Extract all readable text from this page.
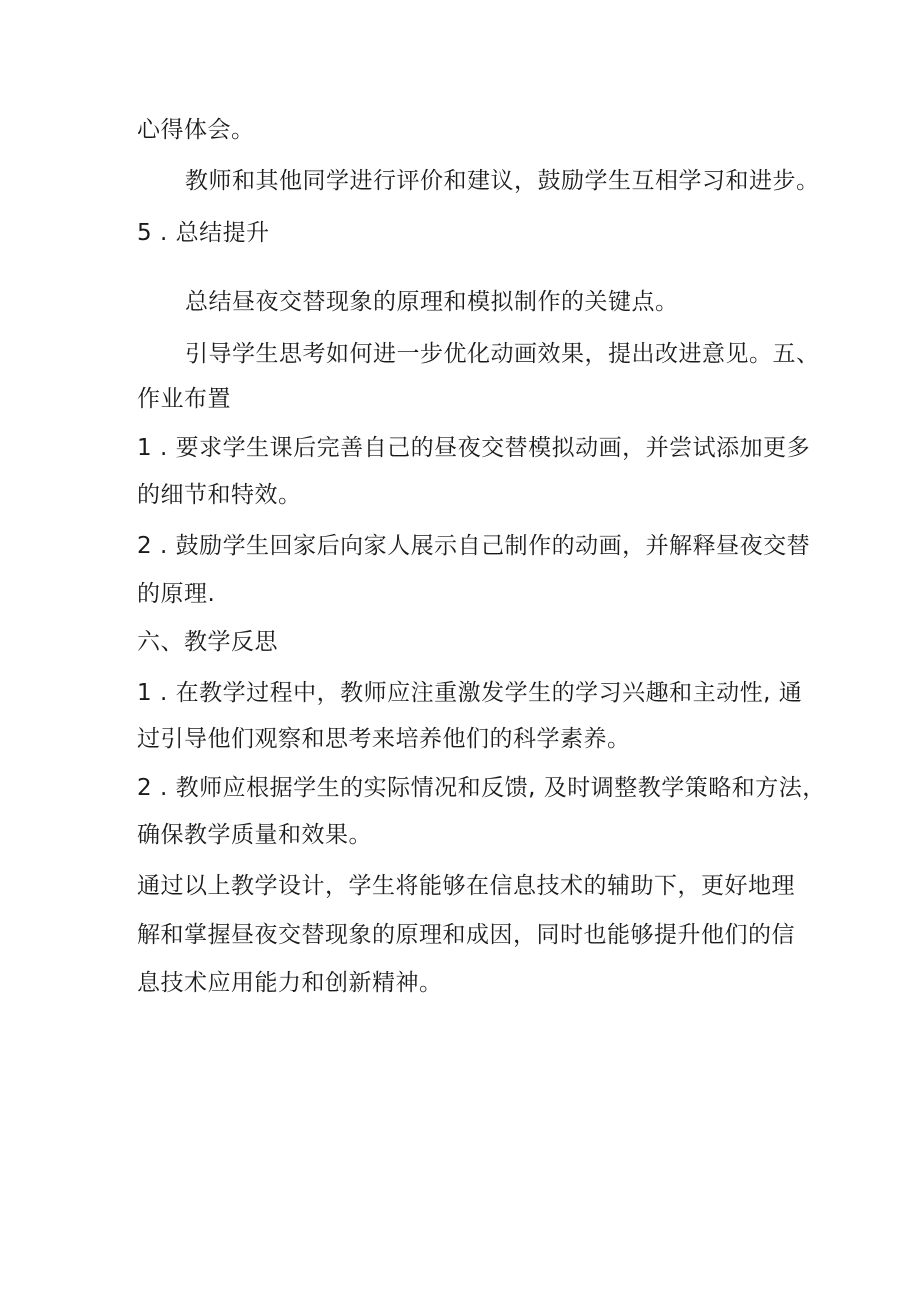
心得体会。
教师和其他同学进行评价和建议，鼓励学生互相学习和进步。
5 . 总结提升
总结昼夜交替现象的原理和模拟制作的关键点。
引导学生思考如何进一步优化动画效果，提出改进意见。五、
作业布置
1 . 要求学生课后完善自己的昼夜交替模拟动画，并尝试添加更多
的细节和特效。
2 . 鼓励学生回家后向家人展示自己制作的动画，并解释昼夜交替
的原理.
六、教学反思
1 . 在教学过程中，教师应注重激发学生的学习兴趣和主动性, 通
过引导他们观察和思考来培养他们的科学素养。
2 . 教师应根据学生的实际情况和反馈, 及时调整教学策略和方法，
确保教学质量和效果。
通过以上教学设计，学生将能够在信息技术的辅助下，更好地理
解和掌握昼夜交替现象的原理和成因，同时也能够提升他们的信
息技术应用能力和创新精神。
